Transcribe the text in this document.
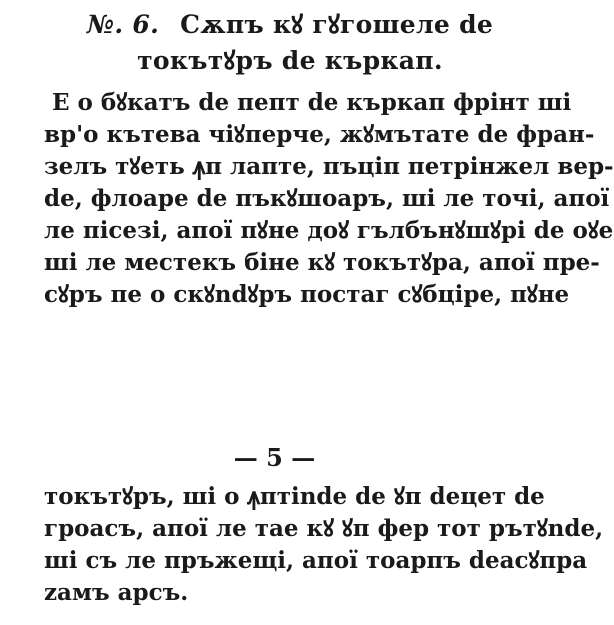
№. 6. Сѫпъ кꙋ гꙋгошеле de
токътꙋръ de къркап.
E о бꙋкатъ de пепт de къркап фрінт ші
вр'о кътева чіꙋперче, жꙋмътате de фран-
зелъ тꙋеть ꙟп лапте, пъціп петрінжел вер-
de, флоаре de пъкꙋшоаръ, ші ле точі, апої
ле пісезі, апої пꙋне доꙋ гълбънꙋшꙋрі de оꙋе
ші ле местекъ біне кꙋ токътꙋра, апої пре-
сꙋръ пе о скꙋndꙋръ постаг сꙋбціре, пꙋне
— 5 —
токътꙋръ, ші о ꙟптіnde de ꙋп deцет de
гроасъ, апої ле тае кꙋ ꙋп фер тот рътꙋnde,
ші съ ле пръжещі, апої тоарпъ deасꙋпра
zамъ арсъ.
